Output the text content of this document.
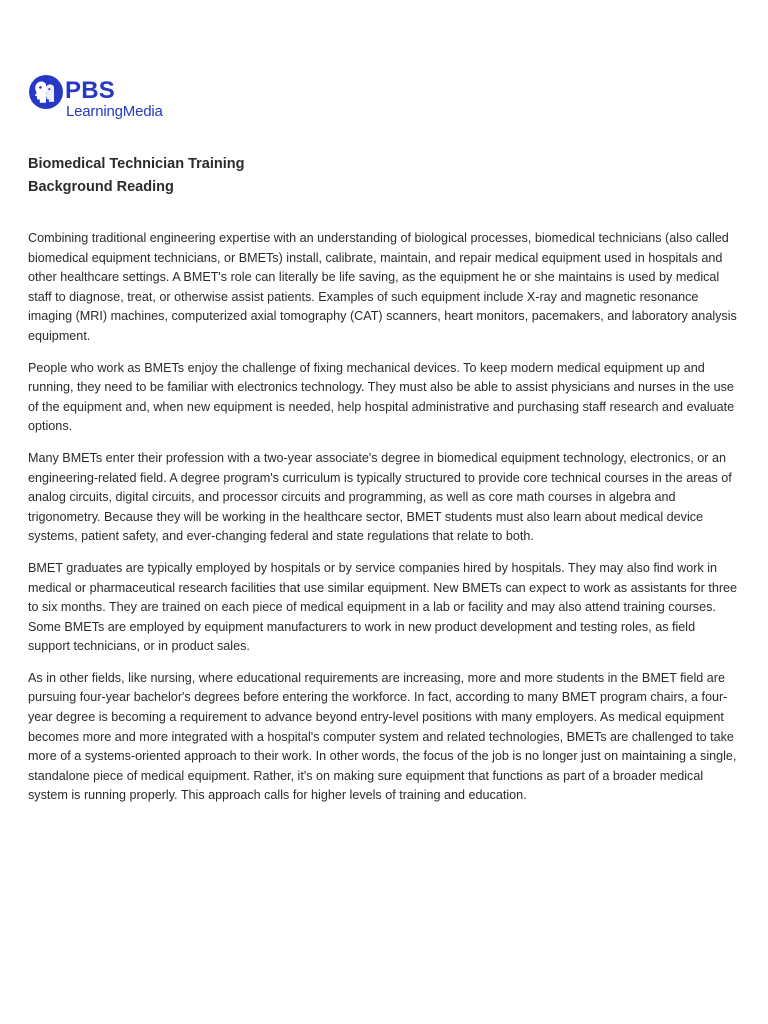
PBS
LearningMedia
Biomedical Technician Training
Background Reading

Combining traditional engineering expertise with an understanding of biological processes, biomedical technicians (also called biomedical equipment technicians, or BMETs) install, calibrate, maintain, and repair medical equipment used in hospitals and other healthcare settings. A BMET's role can literally be life saving, as the equipment he or she maintains is used by medical staff to diagnose, treat, or otherwise assist patients. Examples of such equipment include X-ray and magnetic resonance imaging (MRI) machines, computerized axial tomography (CAT) scanners, heart monitors, pacemakers, and laboratory analysis equipment.

People who work as BMETs enjoy the challenge of fixing mechanical devices. To keep modern medical equipment up and running, they need to be familiar with electronics technology. They must also be able to assist physicians and nurses in the use of the equipment and, when new equipment is needed, help hospital administrative and purchasing staff research and evaluate options.

Many BMETs enter their profession with a two-year associate's degree in biomedical equipment technology, electronics, or an engineering-related field. A degree program's curriculum is typically structured to provide core technical courses in the areas of analog circuits, digital circuits, and processor circuits and programming, as well as core math courses in algebra and trigonometry. Because they will be working in the healthcare sector, BMET students must also learn about medical device systems, patient safety, and ever-changing federal and state regulations that relate to both.

BMET graduates are typically employed by hospitals or by service companies hired by hospitals. They may also find work in medical or pharmaceutical research facilities that use similar equipment. New BMETs can expect to work as assistants for three to six months. They are trained on each piece of medical equipment in a lab or facility and may also attend training courses. Some BMETs are employed by equipment manufacturers to work in new product development and testing roles, as field support technicians, or in product sales.

As in other fields, like nursing, where educational requirements are increasing, more and more students in the BMET field are pursuing four-year bachelor's degrees before entering the workforce. In fact, according to many BMET program chairs, a four-year degree is becoming a requirement to advance beyond entry-level positions with many employers. As medical equipment becomes more and more integrated with a hospital's computer system and related technologies, BMETs are challenged to take more of a systems-oriented approach to their work. In other words, the focus of the job is no longer just on maintaining a single, standalone piece of medical equipment. Rather, it's on making sure equipment that functions as part of a broader medical system is running properly. This approach calls for higher levels of training and education.
